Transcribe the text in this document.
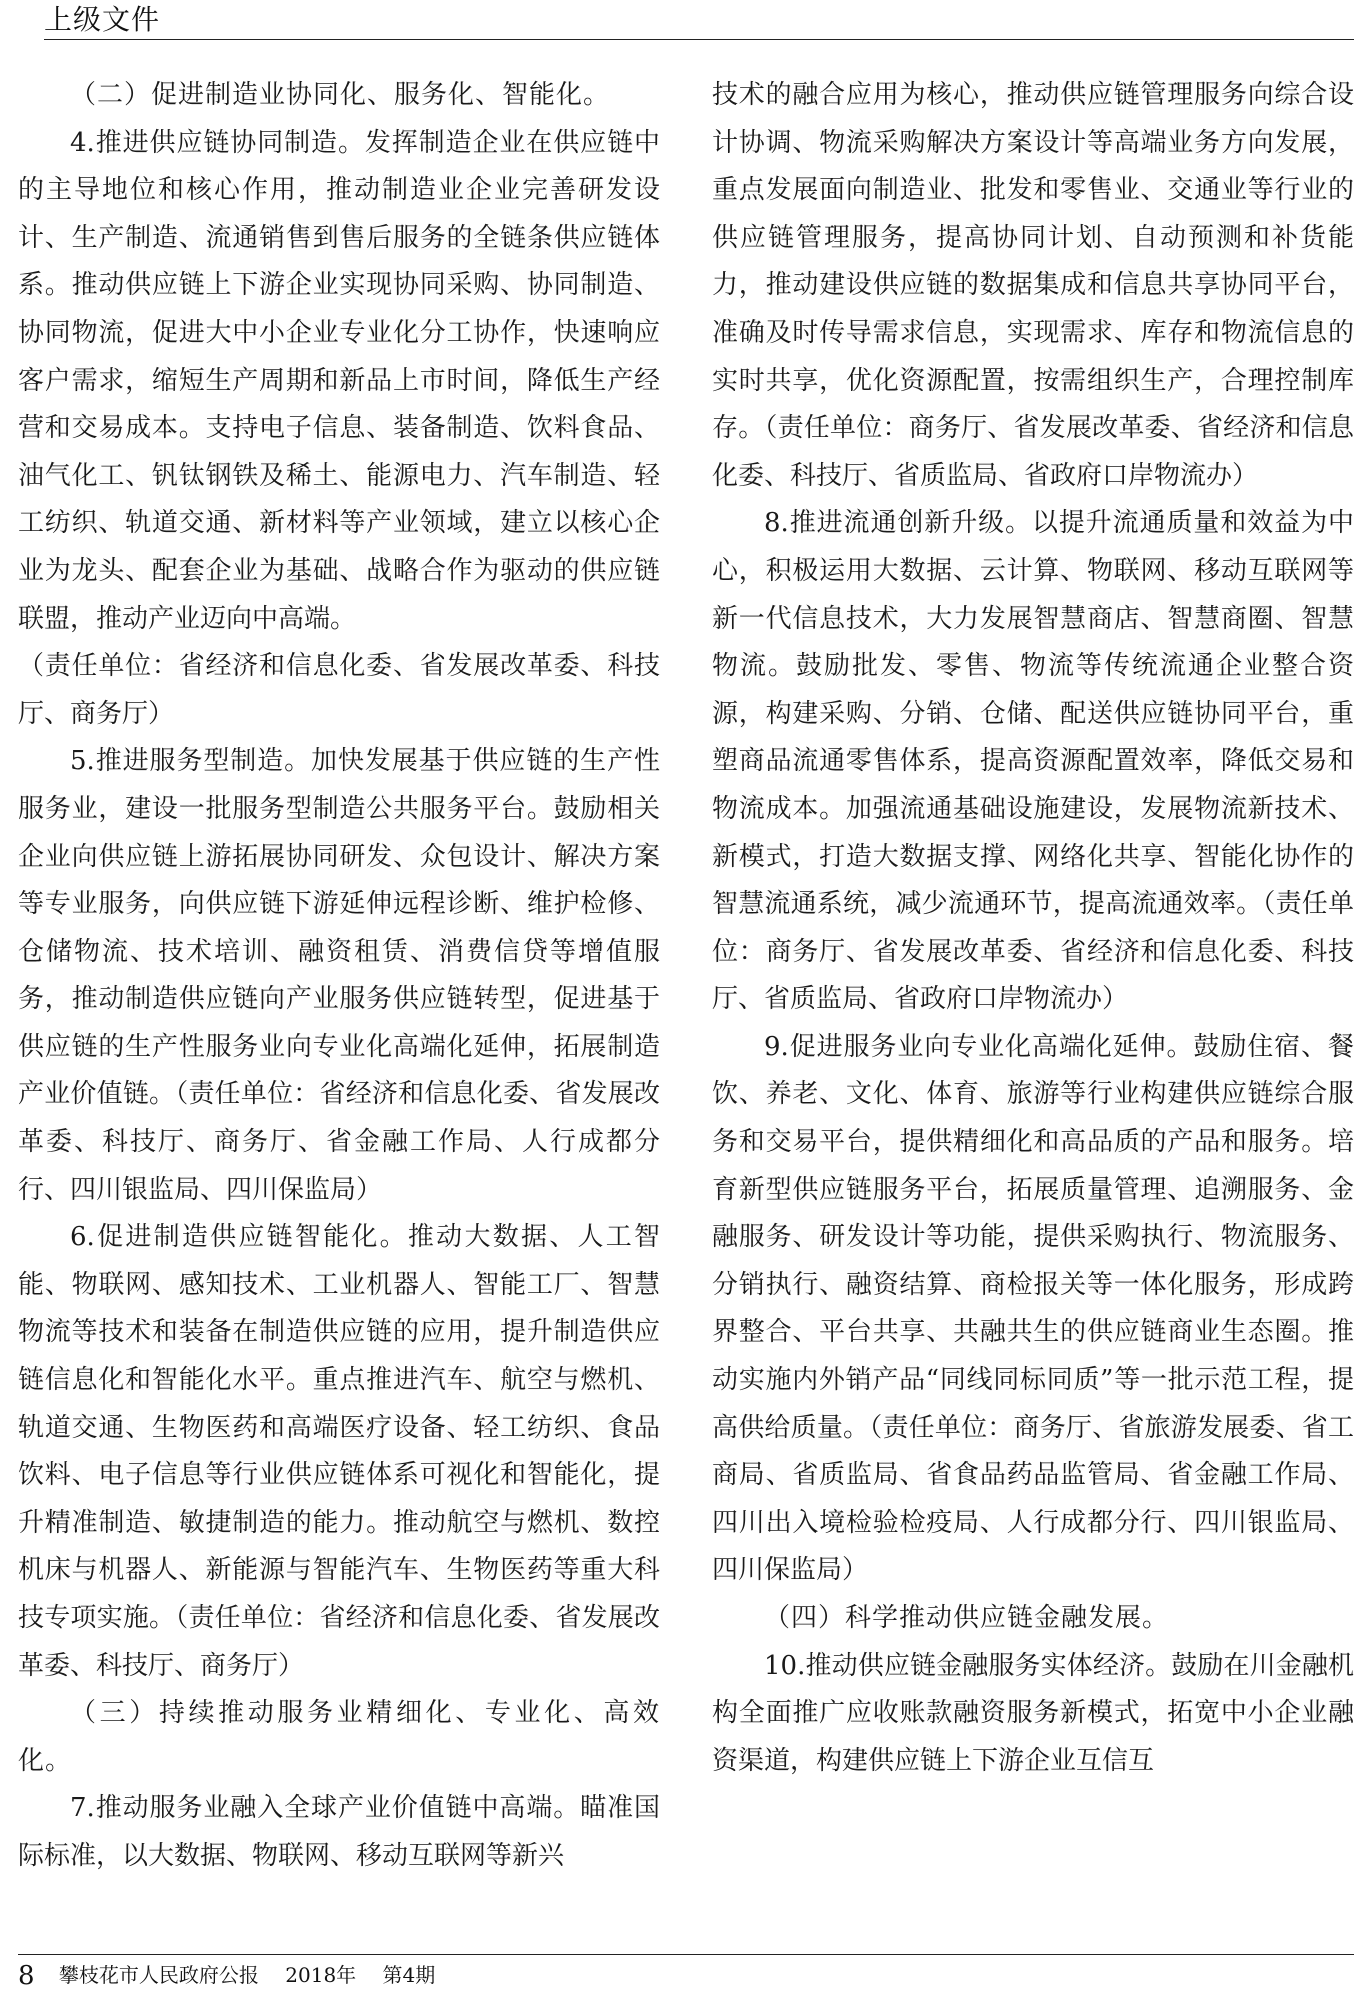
上级文件

（二）促进制造业协同化、服务化、智能化。

4.推进供应链协同制造。发挥制造企业在供应链中的主导地位和核心作用，推动制造业企业完善研发设计、生产制造、流通销售到售后服务的全链条供应链体系。推动供应链上下游企业实现协同采购、协同制造、协同物流，促进大中小企业专业化分工协作，快速响应客户需求，缩短生产周期和新品上市时间，降低生产经营和交易成本。支持电子信息、装备制造、饮料食品、油气化工、钒钛钢铁及稀土、能源电力、汽车制造、轻工纺织、轨道交通、新材料等产业领域，建立以核心企业为龙头、配套企业为基础、战略合作为驱动的供应链联盟，推动产业迈向中高端。

（责任单位：省经济和信息化委、省发展改革委、科技厅、商务厅）

5.推进服务型制造。加快发展基于供应链的生产性服务业，建设一批服务型制造公共服务平台。鼓励相关企业向供应链上游拓展协同研发、众包设计、解决方案等专业服务，向供应链下游延伸远程诊断、维护检修、仓储物流、技术培训、融资租赁、消费信贷等增值服务，推动制造供应链向产业服务供应链转型，促进基于供应链的生产性服务业向专业化高端化延伸，拓展制造产业价值链。（责任单位：省经济和信息化委、省发展改革委、科技厅、商务厅、省金融工作局、人行成都分行、四川银监局、四川保监局）

6.促进制造供应链智能化。推动大数据、人工智能、物联网、感知技术、工业机器人、智能工厂、智慧物流等技术和装备在制造供应链的应用，提升制造供应链信息化和智能化水平。重点推进汽车、航空与燃机、轨道交通、生物医药和高端医疗设备、轻工纺织、食品饮料、电子信息等行业供应链体系可视化和智能化，提升精准制造、敏捷制造的能力。推动航空与燃机、数控机床与机器人、新能源与智能汽车、生物医药等重大科技专项实施。（责任单位：省经济和信息化委、省发展改革委、科技厅、商务厅）

（三）持续推动服务业精细化、专业化、高效化。

7.推动服务业融入全球产业价值链中高端。瞄准国际标准，以大数据、物联网、移动互联网等新兴

技术的融合应用为核心，推动供应链管理服务向综合设计协调、物流采购解决方案设计等高端业务方向发展，重点发展面向制造业、批发和零售业、交通业等行业的供应链管理服务，提高协同计划、自动预测和补货能力，推动建设供应链的数据集成和信息共享协同平台，准确及时传导需求信息，实现需求、库存和物流信息的实时共享，优化资源配置，按需组织生产，合理控制库存。（责任单位：商务厅、省发展改革委、省经济和信息化委、科技厅、省质监局、省政府口岸物流办）

8.推进流通创新升级。以提升流通质量和效益为中心，积极运用大数据、云计算、物联网、移动互联网等新一代信息技术，大力发展智慧商店、智慧商圈、智慧物流。鼓励批发、零售、物流等传统流通企业整合资源，构建采购、分销、仓储、配送供应链协同平台，重塑商品流通零售体系，提高资源配置效率，降低交易和物流成本。加强流通基础设施建设，发展物流新技术、新模式，打造大数据支撑、网络化共享、智能化协作的智慧流通系统，减少流通环节，提高流通效率。（责任单位：商务厅、省发展改革委、省经济和信息化委、科技厅、省质监局、省政府口岸物流办）

9.促进服务业向专业化高端化延伸。鼓励住宿、餐饮、养老、文化、体育、旅游等行业构建供应链综合服务和交易平台，提供精细化和高品质的产品和服务。培育新型供应链服务平台，拓展质量管理、追溯服务、金融服务、研发设计等功能，提供采购执行、物流服务、分销执行、融资结算、商检报关等一体化服务，形成跨界整合、平台共享、共融共生的供应链商业生态圈。推动实施内外销产品“同线同标同质”等一批示范工程，提高供给质量。（责任单位：商务厅、省旅游发展委、省工商局、省质监局、省食品药品监管局、省金融工作局、四川出入境检验检疫局、人行成都分行、四川银监局、四川保监局）

（四）科学推动供应链金融发展。

10.推动供应链金融服务实体经济。鼓励在川金融机构全面推广应收账款融资服务新模式，拓宽中小企业融资渠道，构建供应链上下游企业互信互

8 攀枝花市人民政府公报 2018年 第4期
